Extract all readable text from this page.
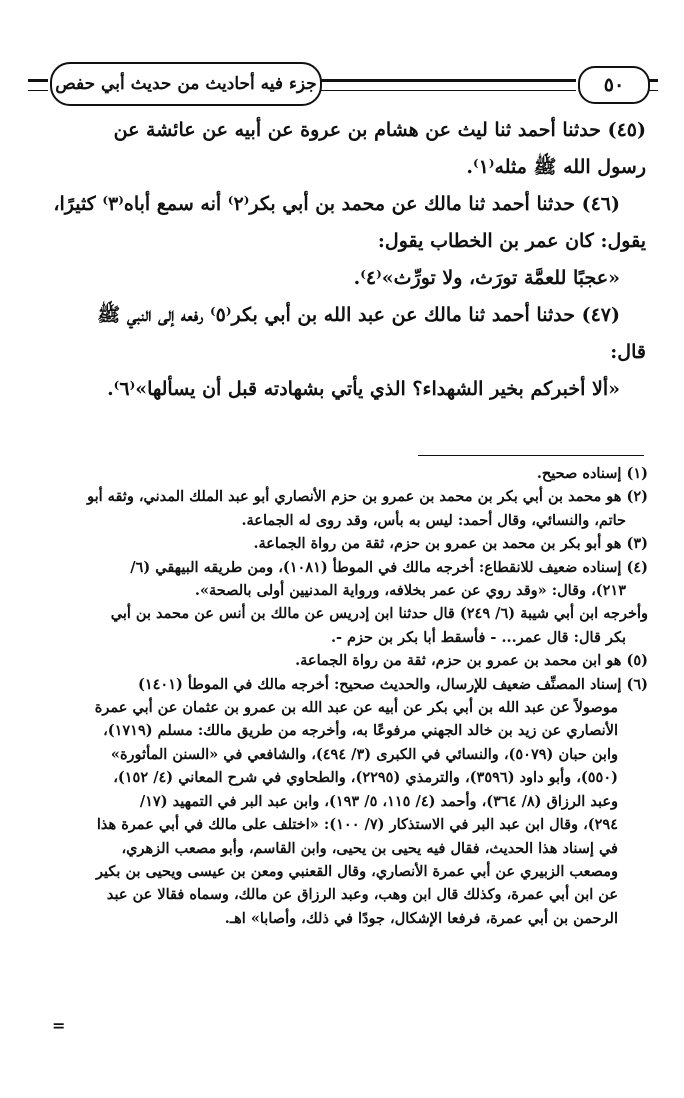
جزء فيه أحاديث من حديث أبي حفص	٥٠
(٤٥) حدثنا أحمد ثنا ليث عن هشام بن عروة عن أبيه عن عائشة عن
رسول الله ﷺ مثله⁽١⁾.
(٤٦) حدثنا أحمد ثنا مالك عن محمد بن أبي بكر⁽٢⁾ أنه سمع أباه⁽٣⁾ كثيرًا،
يقول: كان عمر بن الخطاب يقول:
«عجبًا للعمَّة تورَث، ولا تورِّث»⁽٤⁾.
(٤٧) حدثنا أحمد ثنا مالك عن عبد الله بن أبي بكر⁽٥⁾ رفعه إلى النبي ﷺ
قال:
«ألا أخبركم بخير الشهداء؟ الذي يأتي بشهادته قبل أن يسألها»⁽٦⁾.
(١) إسناده صحيح.
(٢) هو محمد بن أبي بكر بن محمد بن عمرو بن حزم الأنصاري أبو عبد الملك المدني، وثقه أبو
حاتم، والنسائي، وقال أحمد: ليس به بأس، وقد روى له الجماعة.
(٣) هو أبو بكر بن محمد بن عمرو بن حزم، ثقة من رواة الجماعة.
(٤) إسناده ضعيف للانقطاع: أخرجه مالك في الموطأ (١٠٨١)، ومن طريقه البيهقي (٦/
٢١٣)، وقال: «وقد روي عن عمر بخلافه، ورواية المدنيين أولى بالصحة».
وأخرجه ابن أبي شيبة (٦/ ٢٤٩) قال حدثنا ابن إدريس عن مالك بن أنس عن محمد بن أبي
بكر قال: قال عمر... - فأسقط أبا بكر بن حزم -.
(٥) هو ابن محمد بن عمرو بن حزم، ثقة من رواة الجماعة.
(٦) إسناد المصنِّف ضعيف للإرسال، والحديث صحيح: أخرجه مالك في الموطأ (١٤٠١)
موصولاً عن عبد الله بن أبي بكر عن أبيه عن عبد الله بن عمرو بن عثمان عن أبي عمرة
الأنصاري عن زيد بن خالد الجهني مرفوعًا به، وأخرجه من طريق مالك: مسلم (١٧١٩)،
وابن حبان (٥٠٧٩)، والنسائي في الكبرى (٣/ ٤٩٤)، والشافعي في «السنن المأثورة»
(٥٥٠)، وأبو داود (٣٥٩٦)، والترمذي (٢٢٩٥)، والطحاوي في شرح المعاني (٤/ ١٥٢)،
وعبد الرزاق (٨/ ٣٦٤)، وأحمد (٤/ ١١٥، ٥/ ١٩٣)، وابن عبد البر في التمهيد (١٧/
٢٩٤)، وقال ابن عبد البر في الاستذكار (٧/ ١٠٠): «اختلف على مالك في أبي عمرة هذا
في إسناد هذا الحديث، فقال فيه يحيى بن يحيى، وابن القاسم، وأبو مصعب الزهري،
ومصعب الزبيري عن أبي عمرة الأنصاري، وقال القعنبي ومعن بن عيسى ويحيى بن بكير
عن ابن أبي عمرة، وكذلك قال ابن وهب، وعبد الرزاق عن مالك، وسماه فقالا عن عبد
الرحمن بن أبي عمرة، فرفعا الإشكال، جودًا في ذلك، وأصابا» اهـ.
=
